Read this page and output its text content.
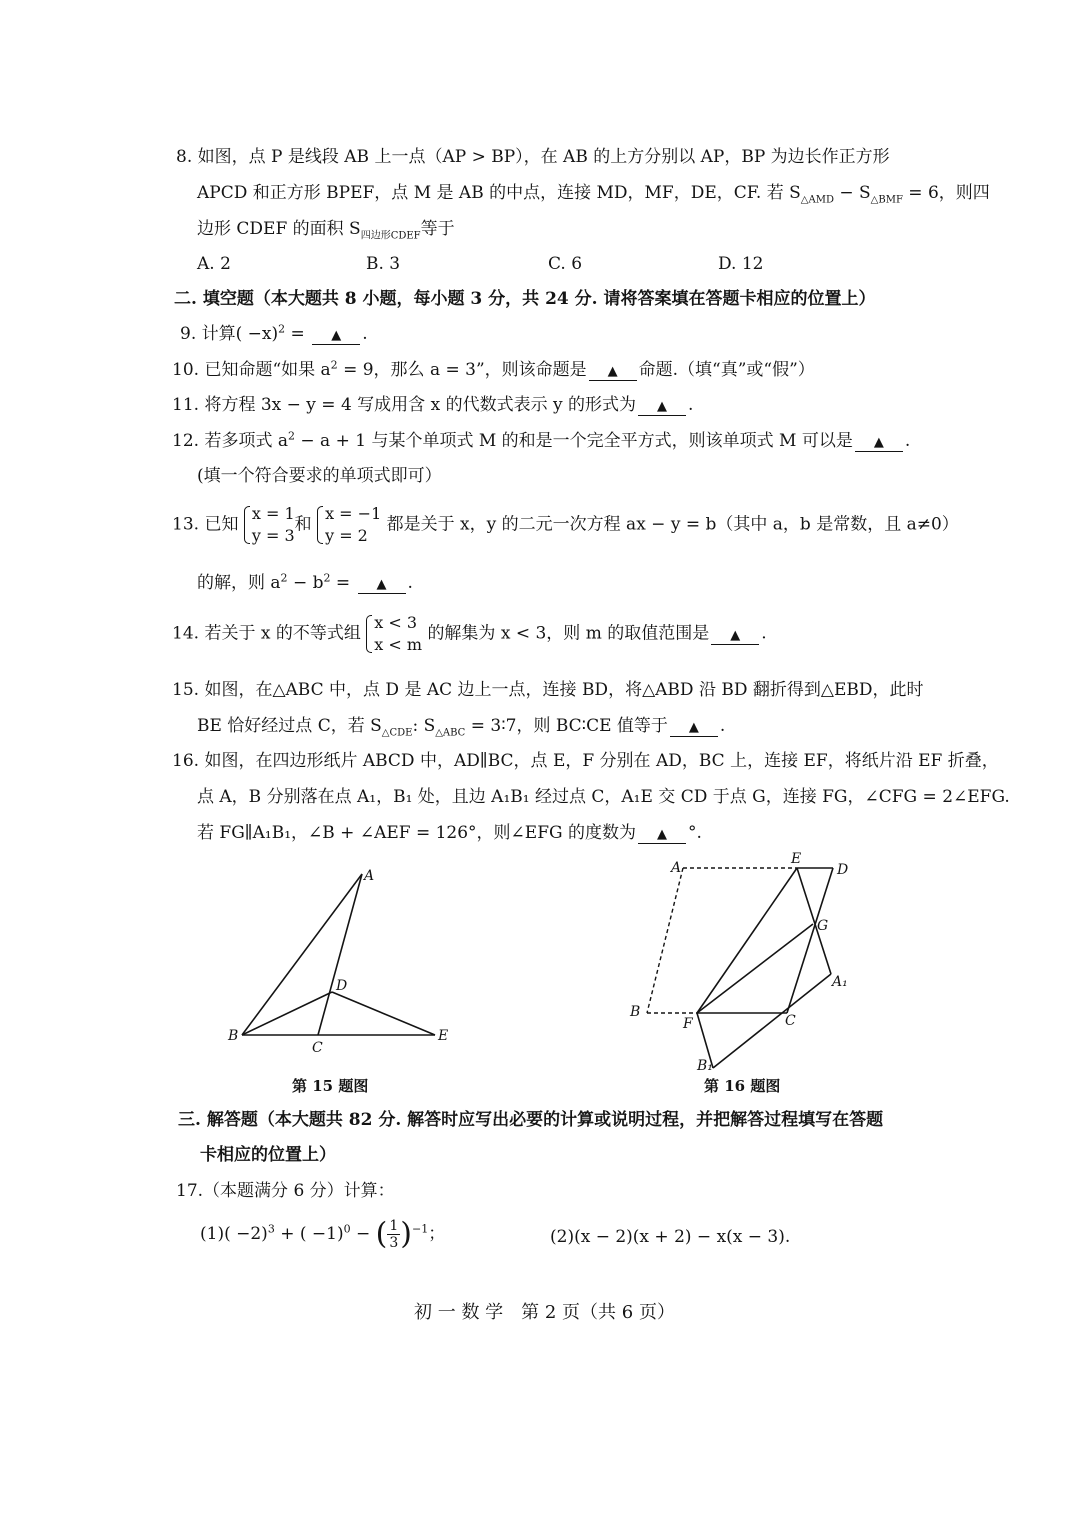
8. 如图，点 P 是线段 AB 上一点（AP > BP），在 AB 的上方分别以 AP，BP 为边长作正方形
APCD 和正方形 BPEF，点 M 是 AB 的中点，连接 MD，MF，DE，CF. 若 $S_{\triangle AMD} - S_{\triangle BMF} = 6$，则四
边形 CDEF 的面积 $S_{四边形CDEF}$等于
A. 2	B. 3	C. 6	D. 12
二. 填空题（本大题共 8 小题，每小题 3 分，共 24 分. 请将答案填在答题卡相应的位置上）
9. 计算( −x)$^2$ = ▲ .
10. 已知命题“如果 $a^2 = 9$，那么 a = 3”，则该命题是 ▲ 命题.（填“真”或“假”）
11. 将方程 3x − y = 4 写成用含 x 的代数式表示 y 的形式为 ▲ .
12. 若多项式 $a^2 - a + 1$ 与某个单项式 M 的和是一个完全平方式，则该单项式 M 可以是 ▲ .
(填一个符合要求的单项式即可）
13. 已知
x = 1
y = 3
和
x = −1
y = 2
都是关于 x，y 的二元一次方程 ax − y = b（其中 a，b 是常数，且 a≠0）
的解，则 $a^2 - b^2$ = ▲ .
14. 若关于 x 的不等式组
x < 3
x < m
的解集为 x < 3，则 m 的取值范围是 ▲ .
15. 如图，在△ABC 中，点 D 是 AC 边上一点，连接 BD，将△ABD 沿 BD 翻折得到△EBD，此时
BE 恰好经过点 C，若 $S_{\triangle CDE}$: $S_{\triangle ABC}$ = 3∶7，则 BC∶CE 值等于 ▲ .
16. 如图，在四边形纸片 ABCD 中，AD∥BC，点 E，F 分别在 AD，BC 上，连接 EF，将纸片沿 EF 折叠，
点 A，B 分别落在点 A₁，B₁ 处，且边 A₁B₁ 经过点 C，A₁E 交 CD 于点 G，连接 FG，∠CFG = 2∠EFG.
若 FG∥A₁B₁，∠B + ∠AEF = 126°，则∠EFG 的度数为 ▲ °.
A
D
B
C
E
第 15 题图
A
E
D
G
A₁
B
F	C
B₁
第 16 题图
三. 解答题（本大题共 82 分. 解答时应写出必要的计算或说明过程，并把解答过程填写在答题
卡相应的位置上）
17.（本题满分 6 分）计算：
$(1)( -2)^3$ + ( −1)$^0$ − ( $\frac{1}{3} )^{-1}$；	(2)(x − 2)(x + 2) − x(x − 3).
初 一 数 学　第 2 页（共 6 页）
